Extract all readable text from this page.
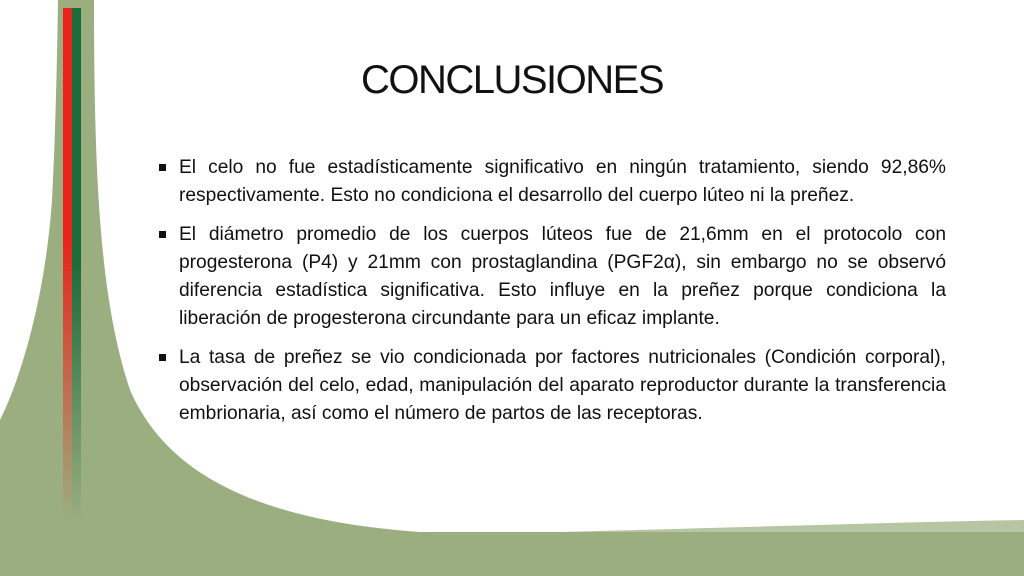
CONCLUSIONES
El celo no fue estadísticamente significativo en ningún tratamiento, siendo 92,86% respectivamente. Esto no condiciona el desarrollo del cuerpo lúteo ni la preñez.
El diámetro promedio de los cuerpos lúteos fue de 21,6mm en el protocolo con progesterona (P4) y 21mm con prostaglandina (PGF2α), sin embargo no se observó diferencia estadística significativa. Esto influye en la preñez porque condiciona la liberación de progesterona circundante para un eficaz implante.
La tasa de preñez se vio condicionada por factores nutricionales (Condición corporal), observación del celo, edad, manipulación del aparato reproductor durante la transferencia embrionaria, así como el número de partos de las receptoras.
